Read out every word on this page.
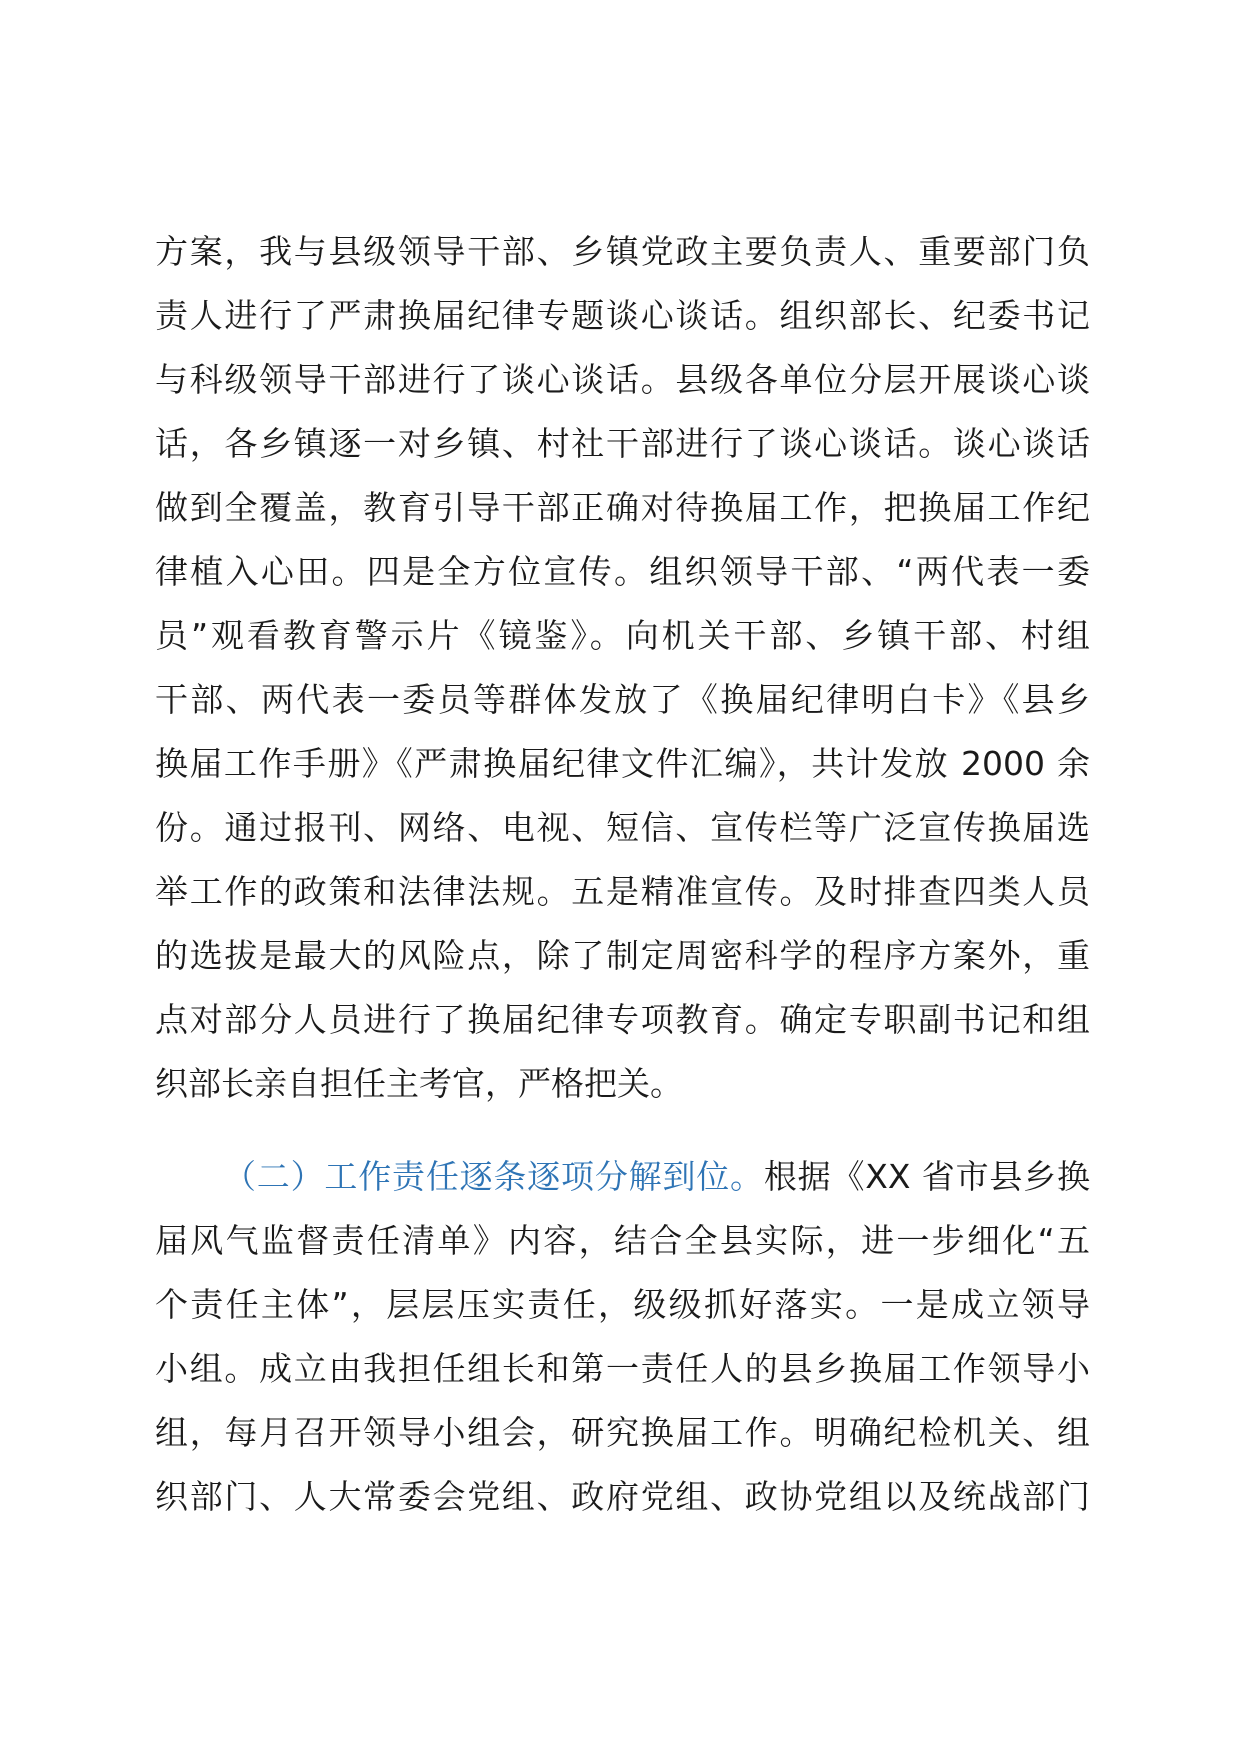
方案，我与县级领导干部、乡镇党政主要负责人、重要部门负
责人进行了严肃换届纪律专题谈心谈话。组织部长、纪委书记
与科级领导干部进行了谈心谈话。县级各单位分层开展谈心谈
话，各乡镇逐一对乡镇、村社干部进行了谈心谈话。谈心谈话
做到全覆盖，教育引导干部正确对待换届工作，把换届工作纪
律植入心田。四是全方位宣传。组织领导干部、“两代表一委
员”观看教育警示片《镜鉴》。向机关干部、乡镇干部、村组
干部、两代表一委员等群体发放了《换届纪律明白卡》《县乡
换届工作手册》《严肃换届纪律文件汇编》，共计发放 2000 余
份。通过报刊、网络、电视、短信、宣传栏等广泛宣传换届选
举工作的政策和法律法规。五是精准宣传。及时排查四类人员
的选拔是最大的风险点，除了制定周密科学的程序方案外，重
点对部分人员进行了换届纪律专项教育。确定专职副书记和组
织部长亲自担任主考官，严格把关。
（二）工作责任逐条逐项分解到位。根据《XX 省市县乡换
届风气监督责任清单》内容，结合全县实际，进一步细化“五
个责任主体”，层层压实责任，级级抓好落实。一是成立领导
小组。成立由我担任组长和第一责任人的县乡换届工作领导小
组，每月召开领导小组会，研究换届工作。明确纪检机关、组
织部门、人大常委会党组、政府党组、政协党组以及统战部门
